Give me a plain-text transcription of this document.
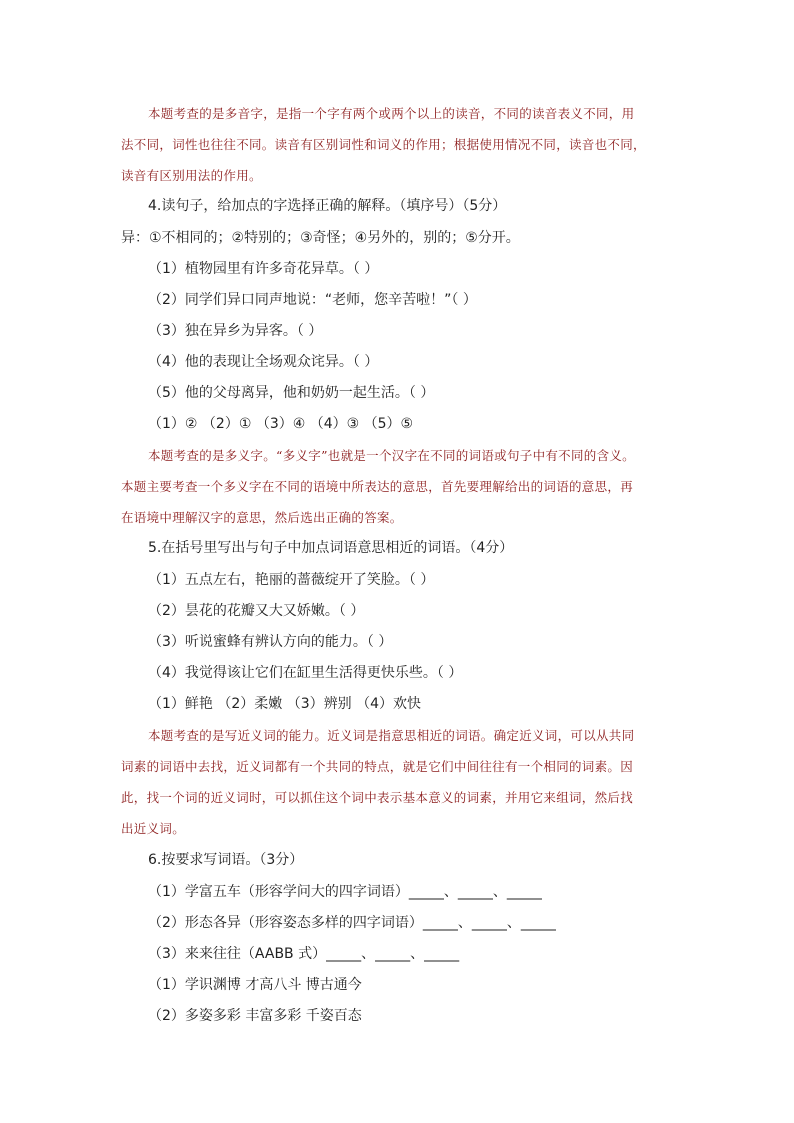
本题考查的是多音字，是指一个字有两个或两个以上的读音，不同的读音表义不同，用
法不同，词性也往往不同。读音有区别词性和词义的作用；根据使用情况不同，读音也不同，
读音有区别用法的作用。
4.读句子，给加点的字选择正确的解释。（填序号）（5分）
异：①不相同的；②特别的；③奇怪；④另外的，别的；⑤分开。
（1）植物园里有许多奇花异草。（ ）
（2）同学们异口同声地说：“老师，您辛苦啦！”（ ）
（3）独在异乡为异客。（ ）
（4）他的表现让全场观众诧异。（ ）
（5）他的父母离异，他和奶奶一起生活。（ ）
（1）② （2）① （3）④ （4）③ （5）⑤
本题考查的是多义字。“多义字”也就是一个汉字在不同的词语或句子中有不同的含义。
本题主要考查一个多义字在不同的语境中所表达的意思，首先要理解给出的词语的意思，再
在语境中理解汉字的意思，然后选出正确的答案。
5.在括号里写出与句子中加点词语意思相近的词语。（4分）
（1）五点左右，艳丽的蔷薇绽开了笑脸。（ ）
（2）昙花的花瓣又大又娇嫩。（ ）
（3）听说蜜蜂有辨认方向的能力。（ ）
（4）我觉得该让它们在缸里生活得更快乐些。（ ）
（1）鲜艳 （2）柔嫩 （3）辨别 （4）欢快
本题考查的是写近义词的能力。近义词是指意思相近的词语。确定近义词，可以从共同
词素的词语中去找，近义词都有一个共同的特点，就是它们中间往往有一个相同的词素。因
此，找一个词的近义词时，可以抓住这个词中表示基本意义的词素，并用它来组词，然后找
出近义词。
6.按要求写词语。（3分）
（1）学富五车（形容学问大的四字词语）_____、_____、_____
（2）形态各异（形容姿态多样的四字词语）_____、_____、_____
（3）来来往往（AABB 式）_____、_____、_____
（1）学识渊博 才高八斗 博古通今
（2）多姿多彩 丰富多彩 千姿百态
